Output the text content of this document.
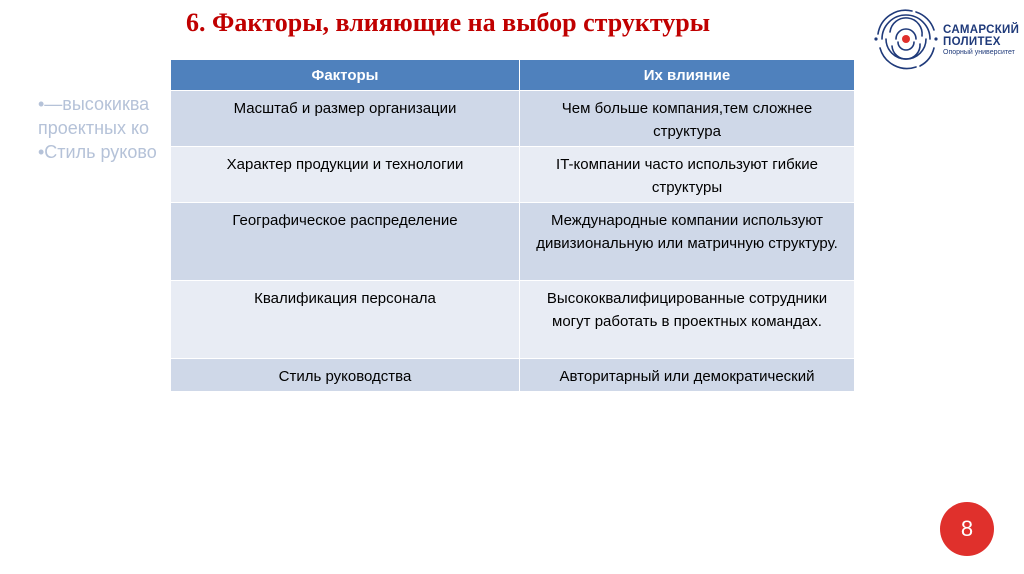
6. Факторы, влияющие на выбор структуры
•—высокиква
проектных ко
•Стиль руково
САМАРСКИЙ
ПОЛИТЕХ
Опорный университет
Факторы	Их влияние
Масштаб и размер организации	Чем больше компания,тем сложнее структура
Характер продукции и технологии	IT-компании часто используют гибкие структуры
Географическое распределение	Международные компании используют дивизиональную или матричную структуру.
Квалификация персонала	Высококвалифицированные сотрудники могут работать в проектных командах.
Стиль руководства	Авторитарный или демократический
8
